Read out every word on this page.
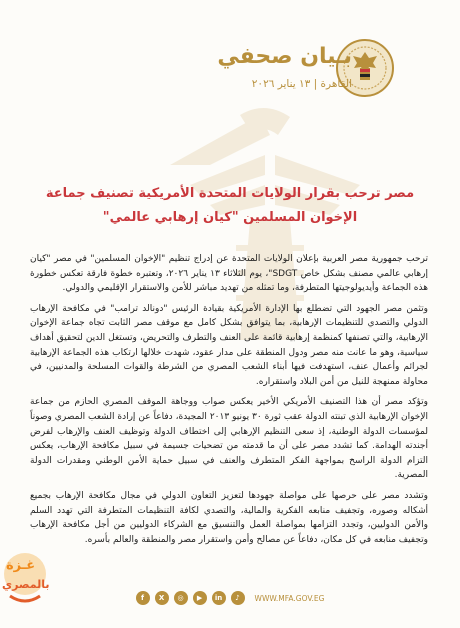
بـيان صحفي
القاهرة | ١٣ يناير ٢٠٢٦
مصر ترحب بقرار الولايات المتحدة الأمريكية تصنيف جماعة الإخوان المسلمين "كيان إرهابي عالمي"

ترحب جمهورية مصر العربية بإعلان الولايات المتحدة عن إدراج تنظيم "الإخوان المسلمين" في مصر "كيان إرهابي عالمي مصنف بشكل خاص SDGT"، يوم الثلاثاء ١٣ يناير ٢٠٢٦، وتعتبره خطوة فارقة تعكس خطورة هذه الجماعة وأيديولوجيتها المتطرفة، وما تمثله من تهديد مباشر للأمن والاستقرار الإقليمي والدولي.

وتثمن مصر الجهود التي تضطلع بها الإدارة الأمريكية بقيادة الرئيس "دونالد ترامب" في مكافحة الإرهاب الدولي والتصدي للتنظيمات الإرهابية، بما يتوافق بشكل كامل مع موقف مصر الثابت تجاه جماعة الإخوان الإرهابية، والتي تصنفها كمنظمة إرهابية قائمة على العنف والتطرف والتحريض، وتستغل الدين لتحقيق أهداف سياسية، وهو ما عانت منه مصر ودول المنطقة على مدار عقود، شهدت خلالها ارتكاب هذه الجماعة الإرهابية لجرائم وأعمال عنف، استهدفت فيها أبناء الشعب المصري من الشرطة والقوات المسلحة والمدنيين، في محاولة ممنهجة للنيل من أمن البلاد واستقراره.

وتؤكد مصر أن هذا التصنيف الأمريكي الأخير يعكس صواب ووجاهة الموقف المصري الحازم من جماعة الإخوان الإرهابية الذي تبنته الدولة عقب ثورة ٣٠ يونيو ٢٠١٣ المجيدة، دفاعاً عن إرادة الشعب المصري وصوناً لمؤسسات الدولة الوطنية، إذ سعى التنظيم الإرهابي إلى اختطاف الدولة وتوظيف العنف والإرهاب لفرض أجندته الهدامة. كما تشدد مصر على أن ما قدمته من تضحيات جسيمة في سبيل مكافحة الإرهاب، يعكس التزام الدولة الراسخ بمواجهة الفكر المتطرف والعنف في سبيل حماية الأمن الوطني ومقدرات الدولة المصرية.

وتشدد مصر على حرصها على مواصلة جهودها لتعزيز التعاون الدولي في مجال مكافحة الإرهاب بجميع أشكاله وصوره، وتجفيف منابعه الفكرية والمالية، والتصدي لكافة التنظيمات المتطرفة التي تهدد السلم والأمن الدوليين، وتجدد التزامها بمواصلة العمل والتنسيق مع الشركاء الدوليين من أجل مكافحة الإرهاب وتجفيف منابعه في كل مكان، دفاعاً عن مصالح وأمن واستقرار مصر والمنطقة والعالم بأسره.

f	X	◎	▶	in	♪	WWW.MFA.GOV.EG
غـزة
بالمصري
